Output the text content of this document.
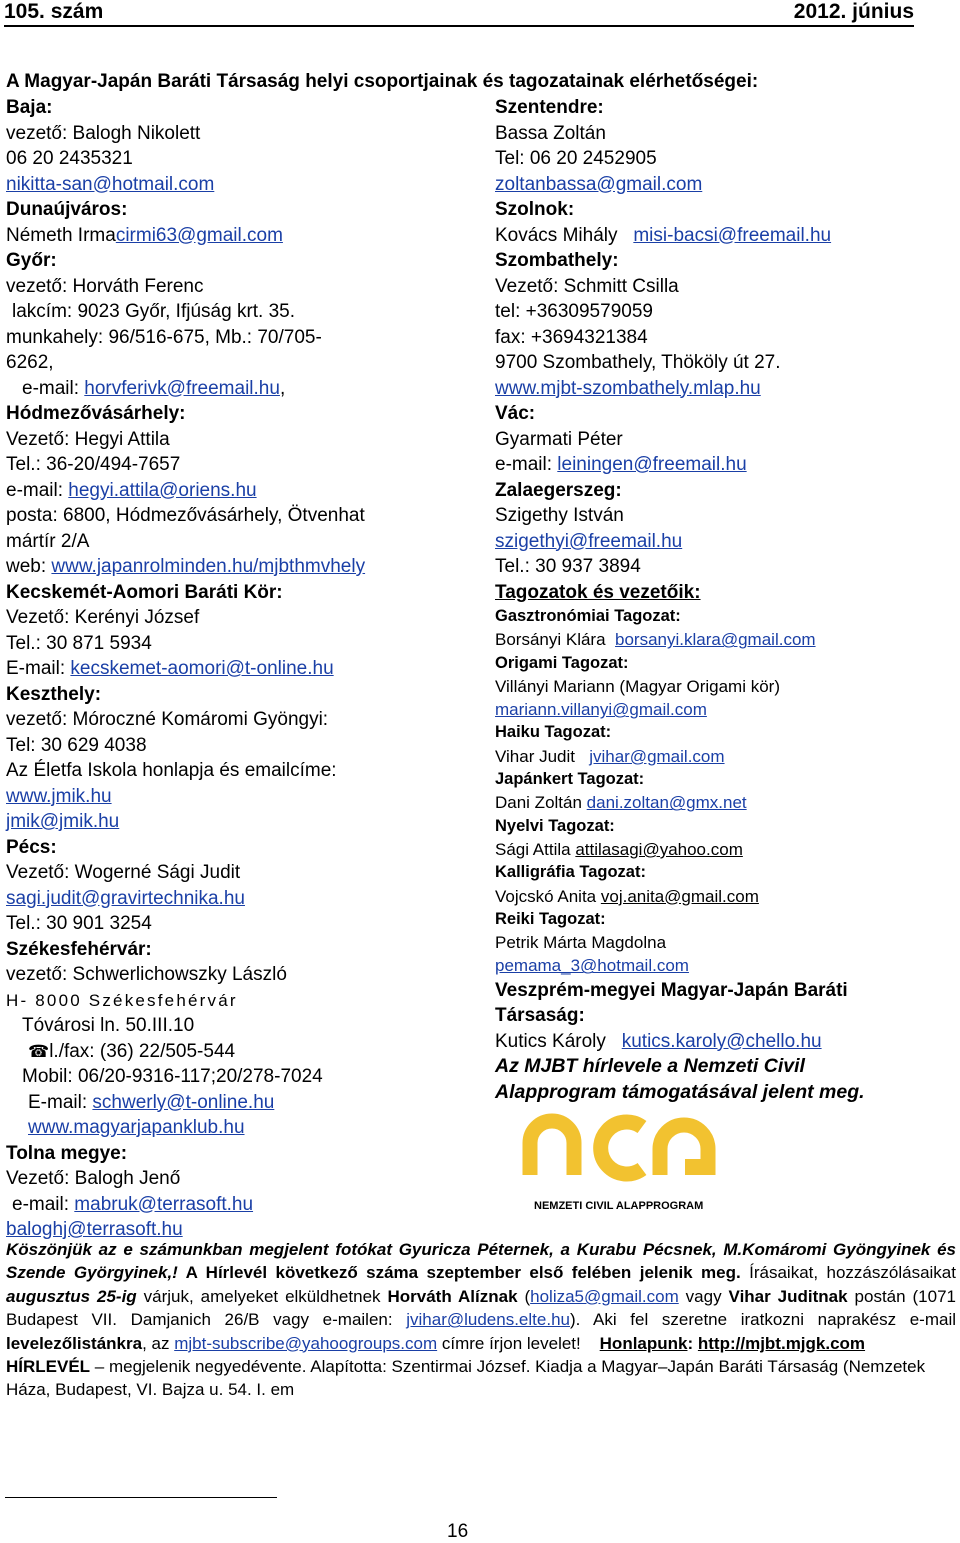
105. szám	2012. június
A Magyar-Japán Baráti Társaság helyi csoportjainak és tagozatainak elérhetőségei:
Baja:
vezető: Balogh Nikolett
06 20 2435321
nikitta-san@hotmail.com
Dunaújváros:
Németh Irmacirmi63@gmail.com
Győr:
vezető: Horváth Ferenc
lakcím: 9023 Győr, Ifjúság krt. 35.
munkahely: 96/516-675, Mb.: 70/705-
6262,
e-mail: horvferivk@freemail.hu,
Hódmezővásárhely:
Vezető: Hegyi Attila
Tel.: 36-20/494-7657
e-mail: hegyi.attila@oriens.hu
posta: 6800, Hódmezővásárhely, Ötvenhat
mártír 2/A
web: www.japanrolminden.hu/mjbthmvhely
Kecskemét-Aomori Baráti Kör:
Vezető: Kerényi József
Tel.: 30 871 5934
E-mail: kecskemet-aomori@t-online.hu
Keszthely:
vezető: Móroczné Komáromi Gyöngyi:
Tel: 30 629 4038
Az Életfa Iskola honlapja és emailcíme:
www.jmik.hu
jmik@jmik.hu
Pécs:
Vezető: Wogerné Sági Judit
sagi.judit@gravirtechnika.hu
Tel.: 30 901 3254
Székesfehérvár:
vezető: Schwerlichowszky László
H- 8000 Székesfehérvár
Tóvárosi ln. 50.III.10
☎l./fax: (36) 22/505-544
Mobil: 06/20-9316-117;20/278-7024
E-mail: schwerly@t-online.hu
www.magyarjapanklub.hu
Tolna megye:
Vezető: Balogh Jenő
e-mail: mabruk@terrasoft.hu
baloghj@terrasoft.hu
Szentendre:
Bassa Zoltán
Tel: 06 20 2452905
zoltanbassa@gmail.com
Szolnok:
Kovács Mihály misi-bacsi@freemail.hu
Szombathely:
Vezető: Schmitt Csilla
tel: +36309579059
fax: +3694321384
9700 Szombathely, Thököly út 27.
www.mjbt-szombathely.mlap.hu
Vác:
Gyarmati Péter
e-mail: leiningen@freemail.hu
Zalaegerszeg:
Szigethy István
szigethyi@freemail.hu
Tel.: 30 937 3894
Tagozatok és vezetőik:
Gasztronómiai Tagozat:
Borsányi Klára borsanyi.klara@gmail.com
Origami Tagozat:
Villányi Mariann (Magyar Origami kör)
mariann.villanyi@gmail.com
Haiku Tagozat:
Vihar Judit jvihar@gmail.com
Japánkert Tagozat:
Dani Zoltán dani.zoltan@gmx.net
Nyelvi Tagozat:
Sági Attila attilasagi@yahoo.com
Kalligráfia Tagozat:
Vojcskó Anita voj.anita@gmail.com
Reiki Tagozat:
Petrik Márta Magdolna
pemama_3@hotmail.com
Veszprém-megyei Magyar-Japán Baráti
Társaság:
Kutics Károly kutics.karoly@chello.hu
Az MJBT hírlevele a Nemzeti Civil
Alapprogram támogatásával jelent meg.
NEMZETI CIVIL ALAPPROGRAM

Köszönjük az e számunkban megjelent fotókat Gyuricza Péternek, a Kurabu Pécsnek, M.Komáromi Gyöngyinek és Szende Györgyinek,! A Hírlevél következő száma szeptember első felében jelenik meg. Írásaikat, hozzászólásaikat augusztus 25-ig várjuk, amelyeket elküldhetnek Horváth Alíznak (holiza5@gmail.com vagy Vihar Juditnak postán (1071 Budapest VII. Damjanich 26/B vagy e-mailen: jvihar@ludens.elte.hu). Aki fel szeretne iratkozni naprakész e-mail levelezőlistánkra, az mjbt-subscribe@yahoogroups.com címre írjon levelet! Honlapunk: http://mjbt.mjgk.com

HÍRLEVÉL – megjelenik negyedévente. Alapította: Szentirmai József. Kiadja a Magyar–Japán Baráti Társaság (Nemzetek Háza, Budapest, VI. Bajza u. 54. I. em

16
